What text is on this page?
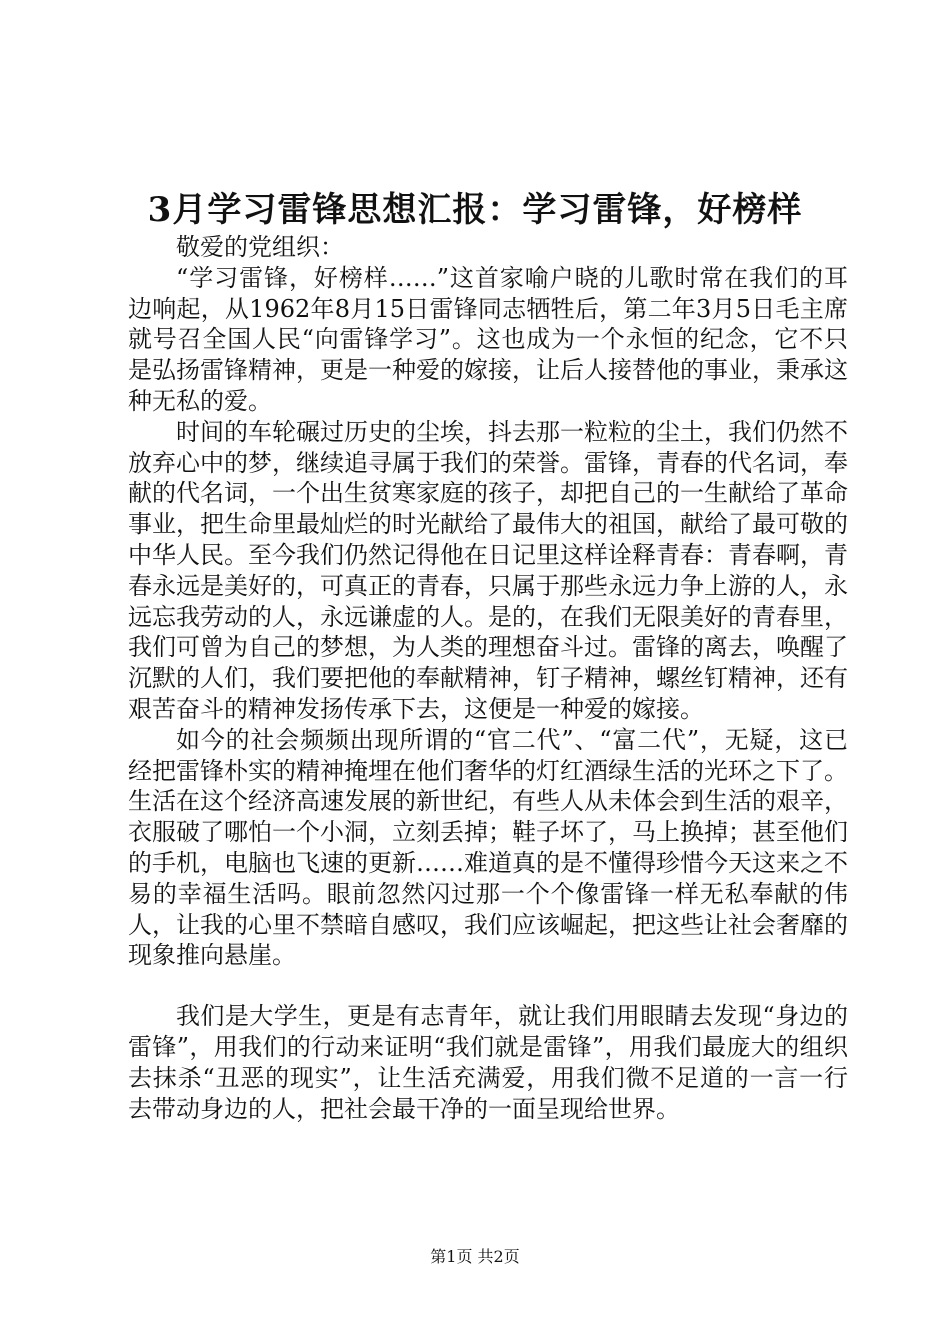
3月学习雷锋思想汇报：学习雷锋，好榜样

敬爱的党组织：

“学习雷锋，好榜样……”这首家喻户晓的儿歌时常在我们的耳边响起，从1962年8月15日雷锋同志牺牲后，第二年3月5日毛主席就号召全国人民“向雷锋学习”。这也成为一个永恒的纪念，它不只是弘扬雷锋精神，更是一种爱的嫁接，让后人接替他的事业，秉承这种无私的爱。

时间的车轮碾过历史的尘埃，抖去那一粒粒的尘土，我们仍然不放弃心中的梦，继续追寻属于我们的荣誉。雷锋，青春的代名词，奉献的代名词，一个出生贫寒家庭的孩子，却把自己的一生献给了革命事业，把生命里最灿烂的时光献给了最伟大的祖国，献给了最可敬的中华人民。至今我们仍然记得他在日记里这样诠释青春：青春啊，青春永远是美好的，可真正的青春，只属于那些永远力争上游的人，永远忘我劳动的人，永远谦虚的人。是的，在我们无限美好的青春里，我们可曾为自己的梦想，为人类的理想奋斗过。雷锋的离去，唤醒了沉默的人们，我们要把他的奉献精神，钉子精神，螺丝钉精神，还有艰苦奋斗的精神发扬传承下去，这便是一种爱的嫁接。

如今的社会频频出现所谓的“官二代”、“富二代”，无疑，这已经把雷锋朴实的精神掩埋在他们奢华的灯红酒绿生活的光环之下了。生活在这个经济高速发展的新世纪，有些人从未体会到生活的艰辛，衣服破了哪怕一个小洞，立刻丢掉；鞋子坏了，马上换掉；甚至他们的手机，电脑也飞速的更新……难道真的是不懂得珍惜今天这来之不易的幸福生活吗。眼前忽然闪过那一个个像雷锋一样无私奉献的伟人，让我的心里不禁暗自感叹，我们应该崛起，把这些让社会奢靡的现象推向悬崖。

我们是大学生，更是有志青年，就让我们用眼睛去发现“身边的雷锋”，用我们的行动来证明“我们就是雷锋”，用我们最庞大的组织去抹杀“丑恶的现实”，让生活充满爱，用我们微不足道的一言一行去带动身边的人，把社会最干净的一面呈现给世界。

第1页 共2页
